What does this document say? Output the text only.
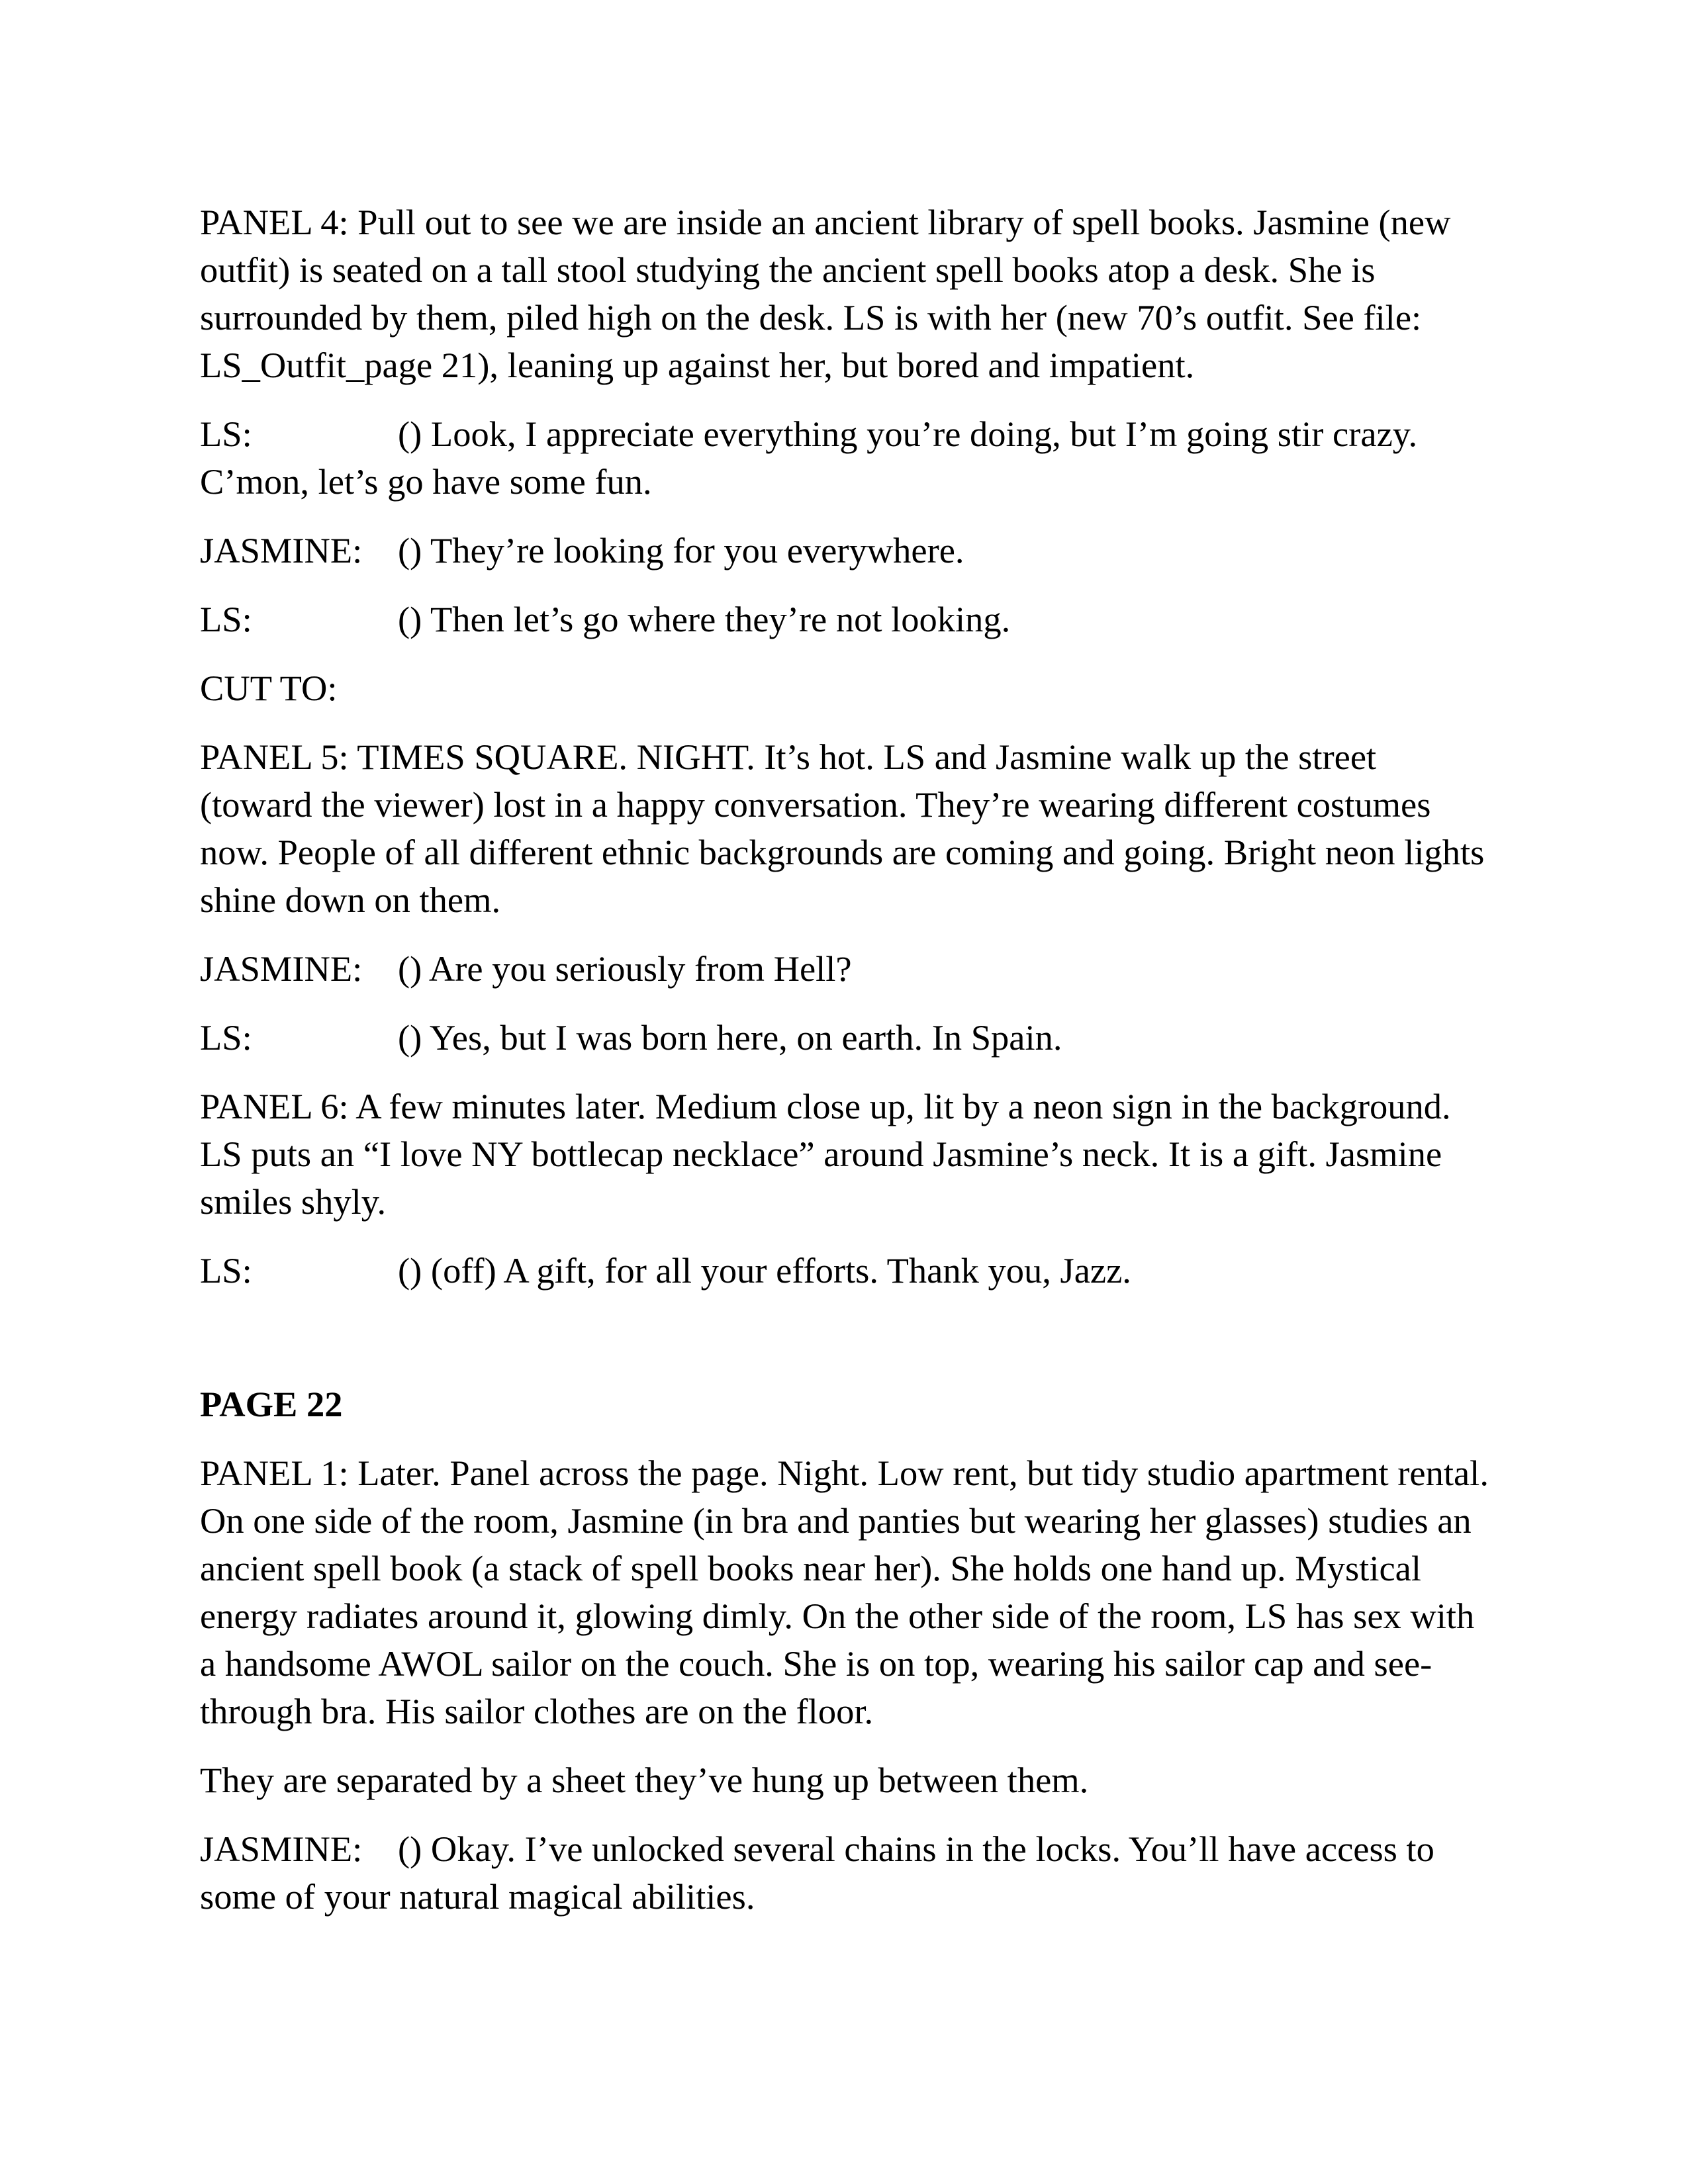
PANEL 4: Pull out to see we are inside an ancient library of spell books. Jasmine (new outfit) is seated on a tall stool studying the ancient spell books atop a desk. She is surrounded by them, piled high on the desk. LS is with her (new 70’s outfit. See file: LS_Outfit_page 21), leaning up against her, but bored and impatient.

LS:	() Look, I appreciate everything you’re doing, but I’m going stir crazy. C’mon, let’s go have some fun.

JASMINE: () They’re looking for you everywhere.

LS:	() Then let’s go where they’re not looking.

CUT TO:

PANEL 5: TIMES SQUARE. NIGHT. It’s hot. LS and Jasmine walk up the street (toward the viewer) lost in a happy conversation. They’re wearing different costumes now. People of all different ethnic backgrounds are coming and going. Bright neon lights shine down on them.

JASMINE: () Are you seriously from Hell?

LS:	() Yes, but I was born here, on earth. In Spain.

PANEL 6: A few minutes later. Medium close up, lit by a neon sign in the background. LS puts an “I love NY bottlecap necklace” around Jasmine’s neck. It is a gift. Jasmine smiles shyly.

LS:	() (off) A gift, for all your efforts. Thank you, Jazz.

PAGE 22

PANEL 1: Later. Panel across the page. Night. Low rent, but tidy studio apartment rental. On one side of the room, Jasmine (in bra and panties but wearing her glasses) studies an ancient spell book (a stack of spell books near her). She holds one hand up. Mystical energy radiates around it, glowing dimly. On the other side of the room, LS has sex with a handsome AWOL sailor on the couch. She is on top, wearing his sailor cap and see-through bra. His sailor clothes are on the floor.

They are separated by a sheet they’ve hung up between them.

JASMINE: () Okay. I’ve unlocked several chains in the locks. You’ll have access to some of your natural magical abilities.
